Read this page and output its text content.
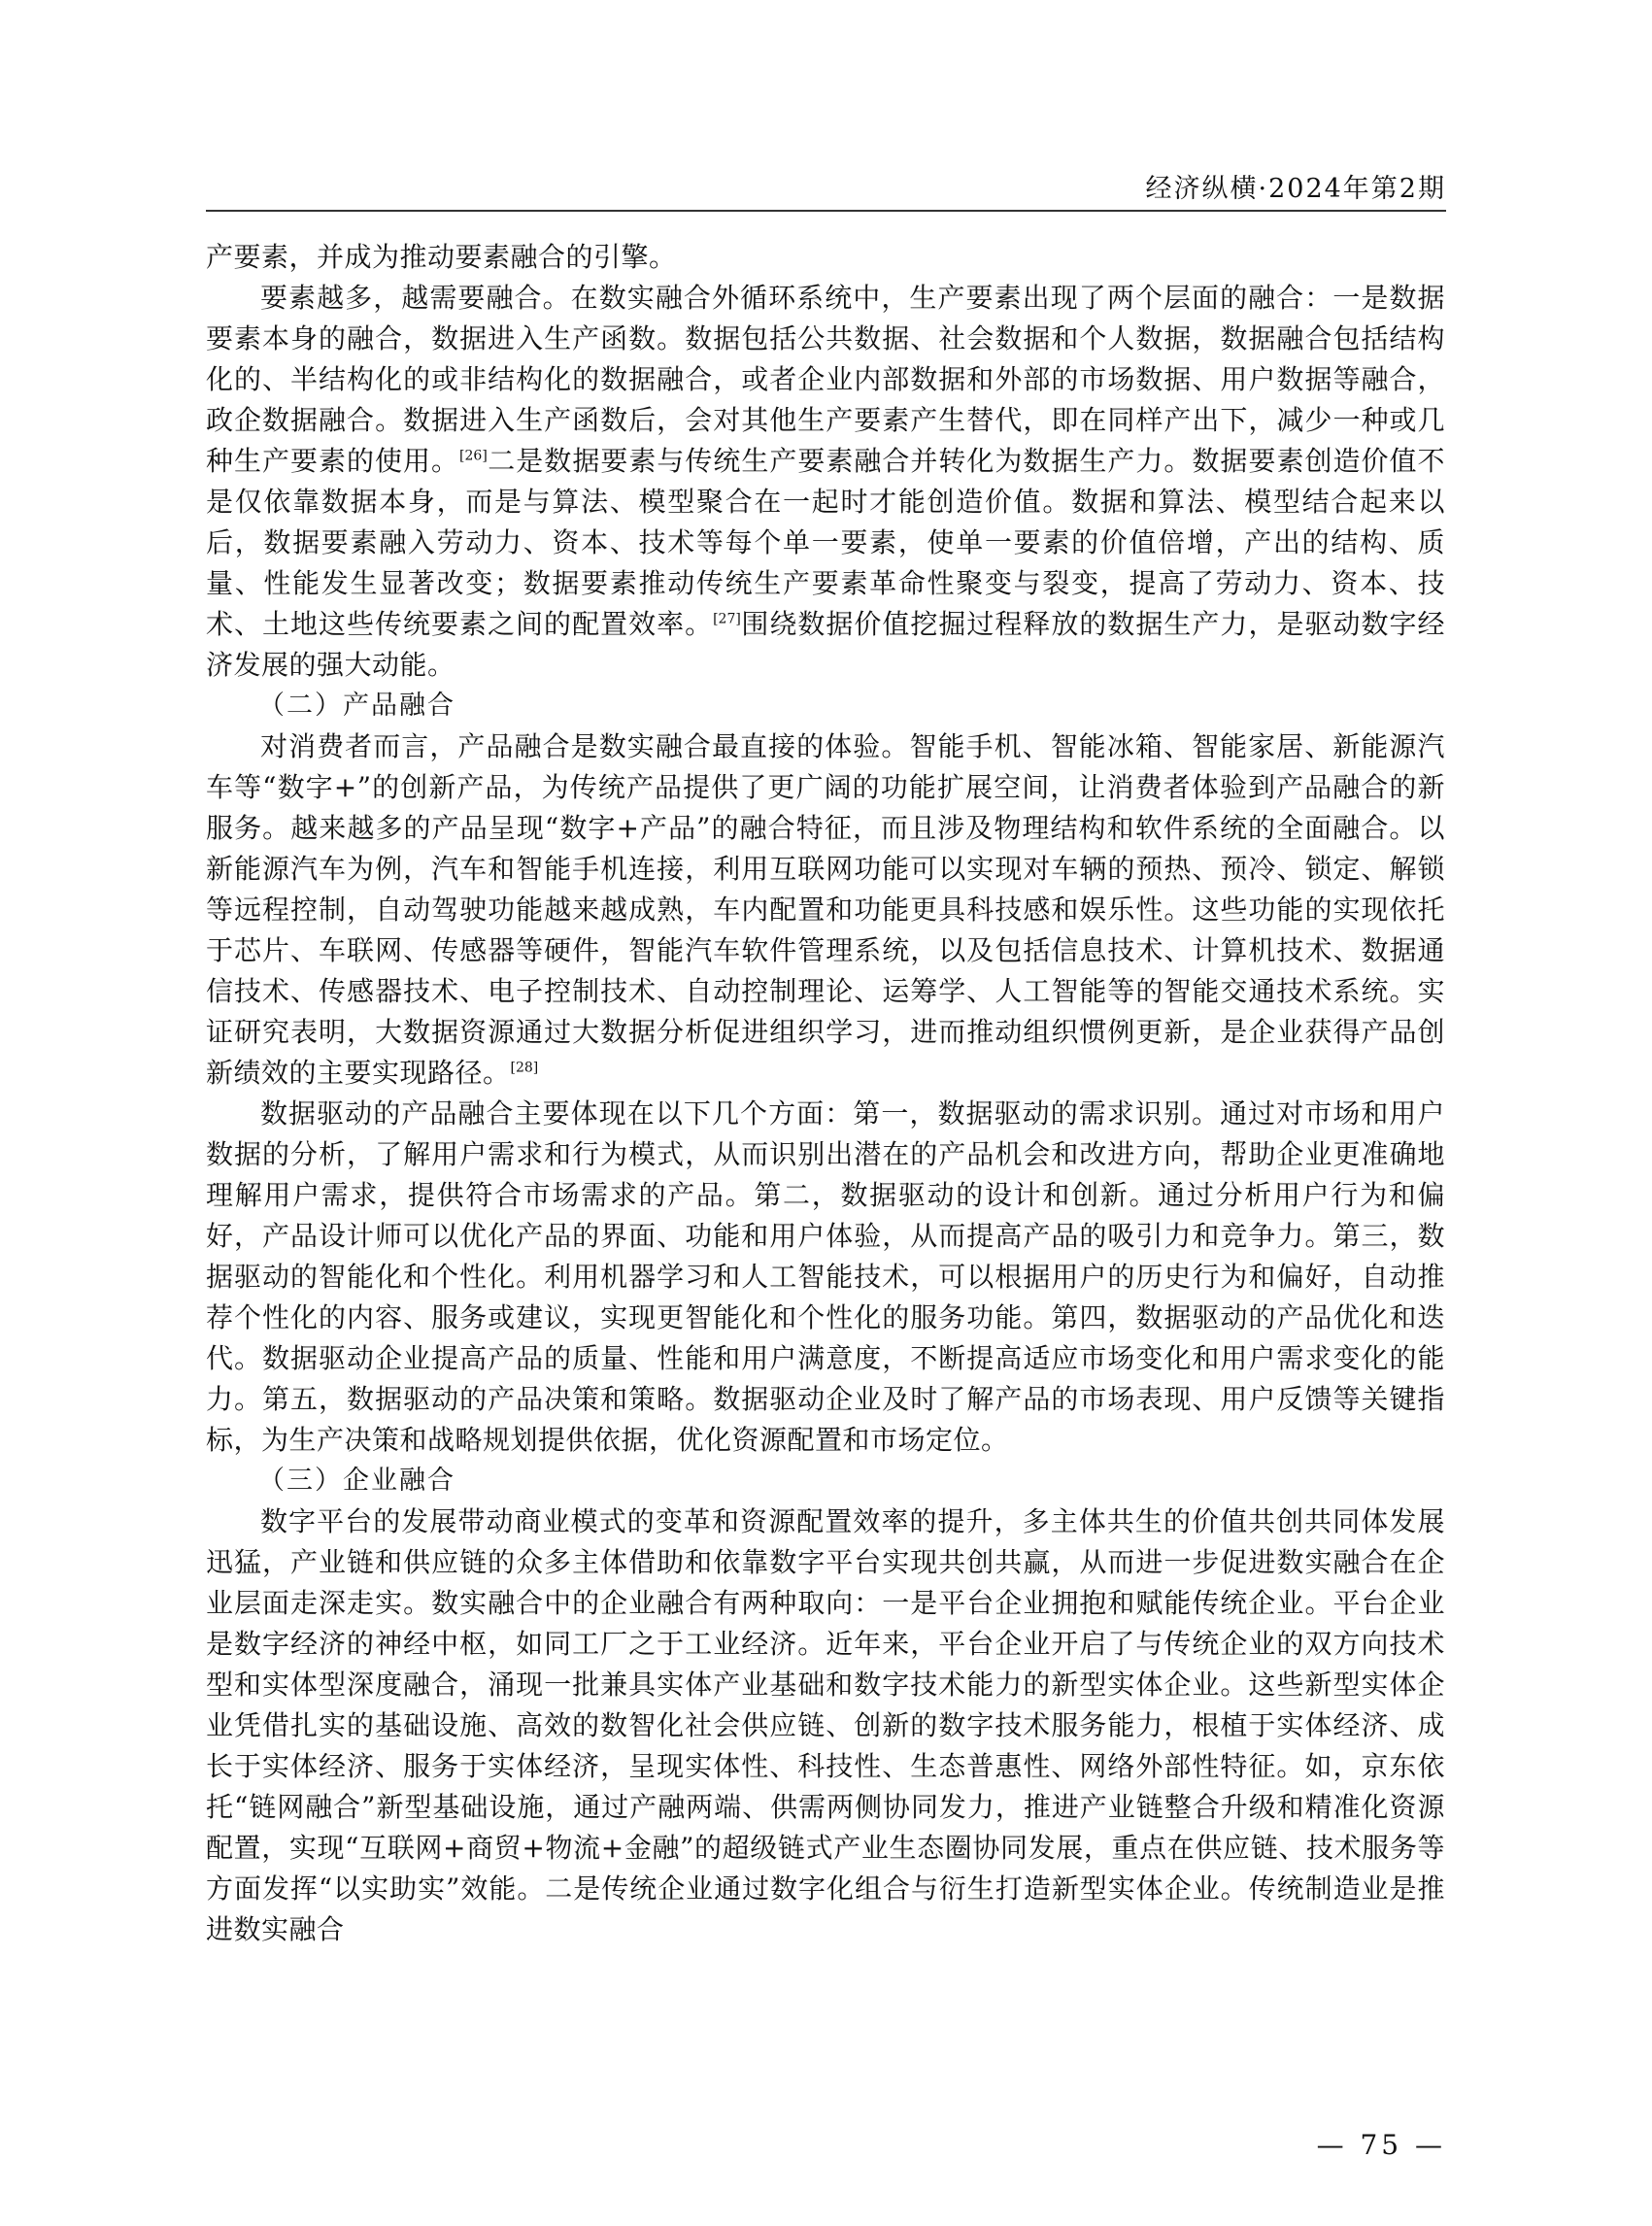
经济纵横·2024年第2期

产要素，并成为推动要素融合的引擎。

要素越多，越需要融合。在数实融合外循环系统中，生产要素出现了两个层面的融合：一是数据要素本身的融合，数据进入生产函数。数据包括公共数据、社会数据和个人数据，数据融合包括结构化的、半结构化的或非结构化的数据融合，或者企业内部数据和外部的市场数据、用户数据等融合，政企数据融合。数据进入生产函数后，会对其他生产要素产生替代，即在同样产出下，减少一种或几种生产要素的使用。[26]二是数据要素与传统生产要素融合并转化为数据生产力。数据要素创造价值不是仅依靠数据本身，而是与算法、模型聚合在一起时才能创造价值。数据和算法、模型结合起来以后，数据要素融入劳动力、资本、技术等每个单一要素，使单一要素的价值倍增，产出的结构、质量、性能发生显著改变；数据要素推动传统生产要素革命性聚变与裂变，提高了劳动力、资本、技术、土地这些传统要素之间的配置效率。[27]围绕数据价值挖掘过程释放的数据生产力，是驱动数字经济发展的强大动能。

（二）产品融合

对消费者而言，产品融合是数实融合最直接的体验。智能手机、智能冰箱、智能家居、新能源汽车等“数字+”的创新产品，为传统产品提供了更广阔的功能扩展空间，让消费者体验到产品融合的新服务。越来越多的产品呈现“数字+产品”的融合特征，而且涉及物理结构和软件系统的全面融合。以新能源汽车为例，汽车和智能手机连接，利用互联网功能可以实现对车辆的预热、预冷、锁定、解锁等远程控制，自动驾驶功能越来越成熟，车内配置和功能更具科技感和娱乐性。这些功能的实现依托于芯片、车联网、传感器等硬件，智能汽车软件管理系统，以及包括信息技术、计算机技术、数据通信技术、传感器技术、电子控制技术、自动控制理论、运筹学、人工智能等的智能交通技术系统。实证研究表明，大数据资源通过大数据分析促进组织学习，进而推动组织惯例更新，是企业获得产品创新绩效的主要实现路径。[28]

数据驱动的产品融合主要体现在以下几个方面：第一，数据驱动的需求识别。通过对市场和用户数据的分析，了解用户需求和行为模式，从而识别出潜在的产品机会和改进方向，帮助企业更准确地理解用户需求，提供符合市场需求的产品。第二，数据驱动的设计和创新。通过分析用户行为和偏好，产品设计师可以优化产品的界面、功能和用户体验，从而提高产品的吸引力和竞争力。第三，数据驱动的智能化和个性化。利用机器学习和人工智能技术，可以根据用户的历史行为和偏好，自动推荐个性化的内容、服务或建议，实现更智能化和个性化的服务功能。第四，数据驱动的产品优化和迭代。数据驱动企业提高产品的质量、性能和用户满意度，不断提高适应市场变化和用户需求变化的能力。第五，数据驱动的产品决策和策略。数据驱动企业及时了解产品的市场表现、用户反馈等关键指标，为生产决策和战略规划提供依据，优化资源配置和市场定位。

（三）企业融合

数字平台的发展带动商业模式的变革和资源配置效率的提升，多主体共生的价值共创共同体发展迅猛，产业链和供应链的众多主体借助和依靠数字平台实现共创共赢，从而进一步促进数实融合在企业层面走深走实。数实融合中的企业融合有两种取向：一是平台企业拥抱和赋能传统企业。平台企业是数字经济的神经中枢，如同工厂之于工业经济。近年来，平台企业开启了与传统企业的双方向技术型和实体型深度融合，涌现一批兼具实体产业基础和数字技术能力的新型实体企业。这些新型实体企业凭借扎实的基础设施、高效的数智化社会供应链、创新的数字技术服务能力，根植于实体经济、成长于实体经济、服务于实体经济，呈现实体性、科技性、生态普惠性、网络外部性特征。如，京东依托“链网融合”新型基础设施，通过产融两端、供需两侧协同发力，推进产业链整合升级和精准化资源配置，实现“互联网+商贸+物流+金融”的超级链式产业生态圈协同发展，重点在供应链、技术服务等方面发挥“以实助实”效能。二是传统企业通过数字化组合与衍生打造新型实体企业。传统制造业是推进数实融合

— 75 —
